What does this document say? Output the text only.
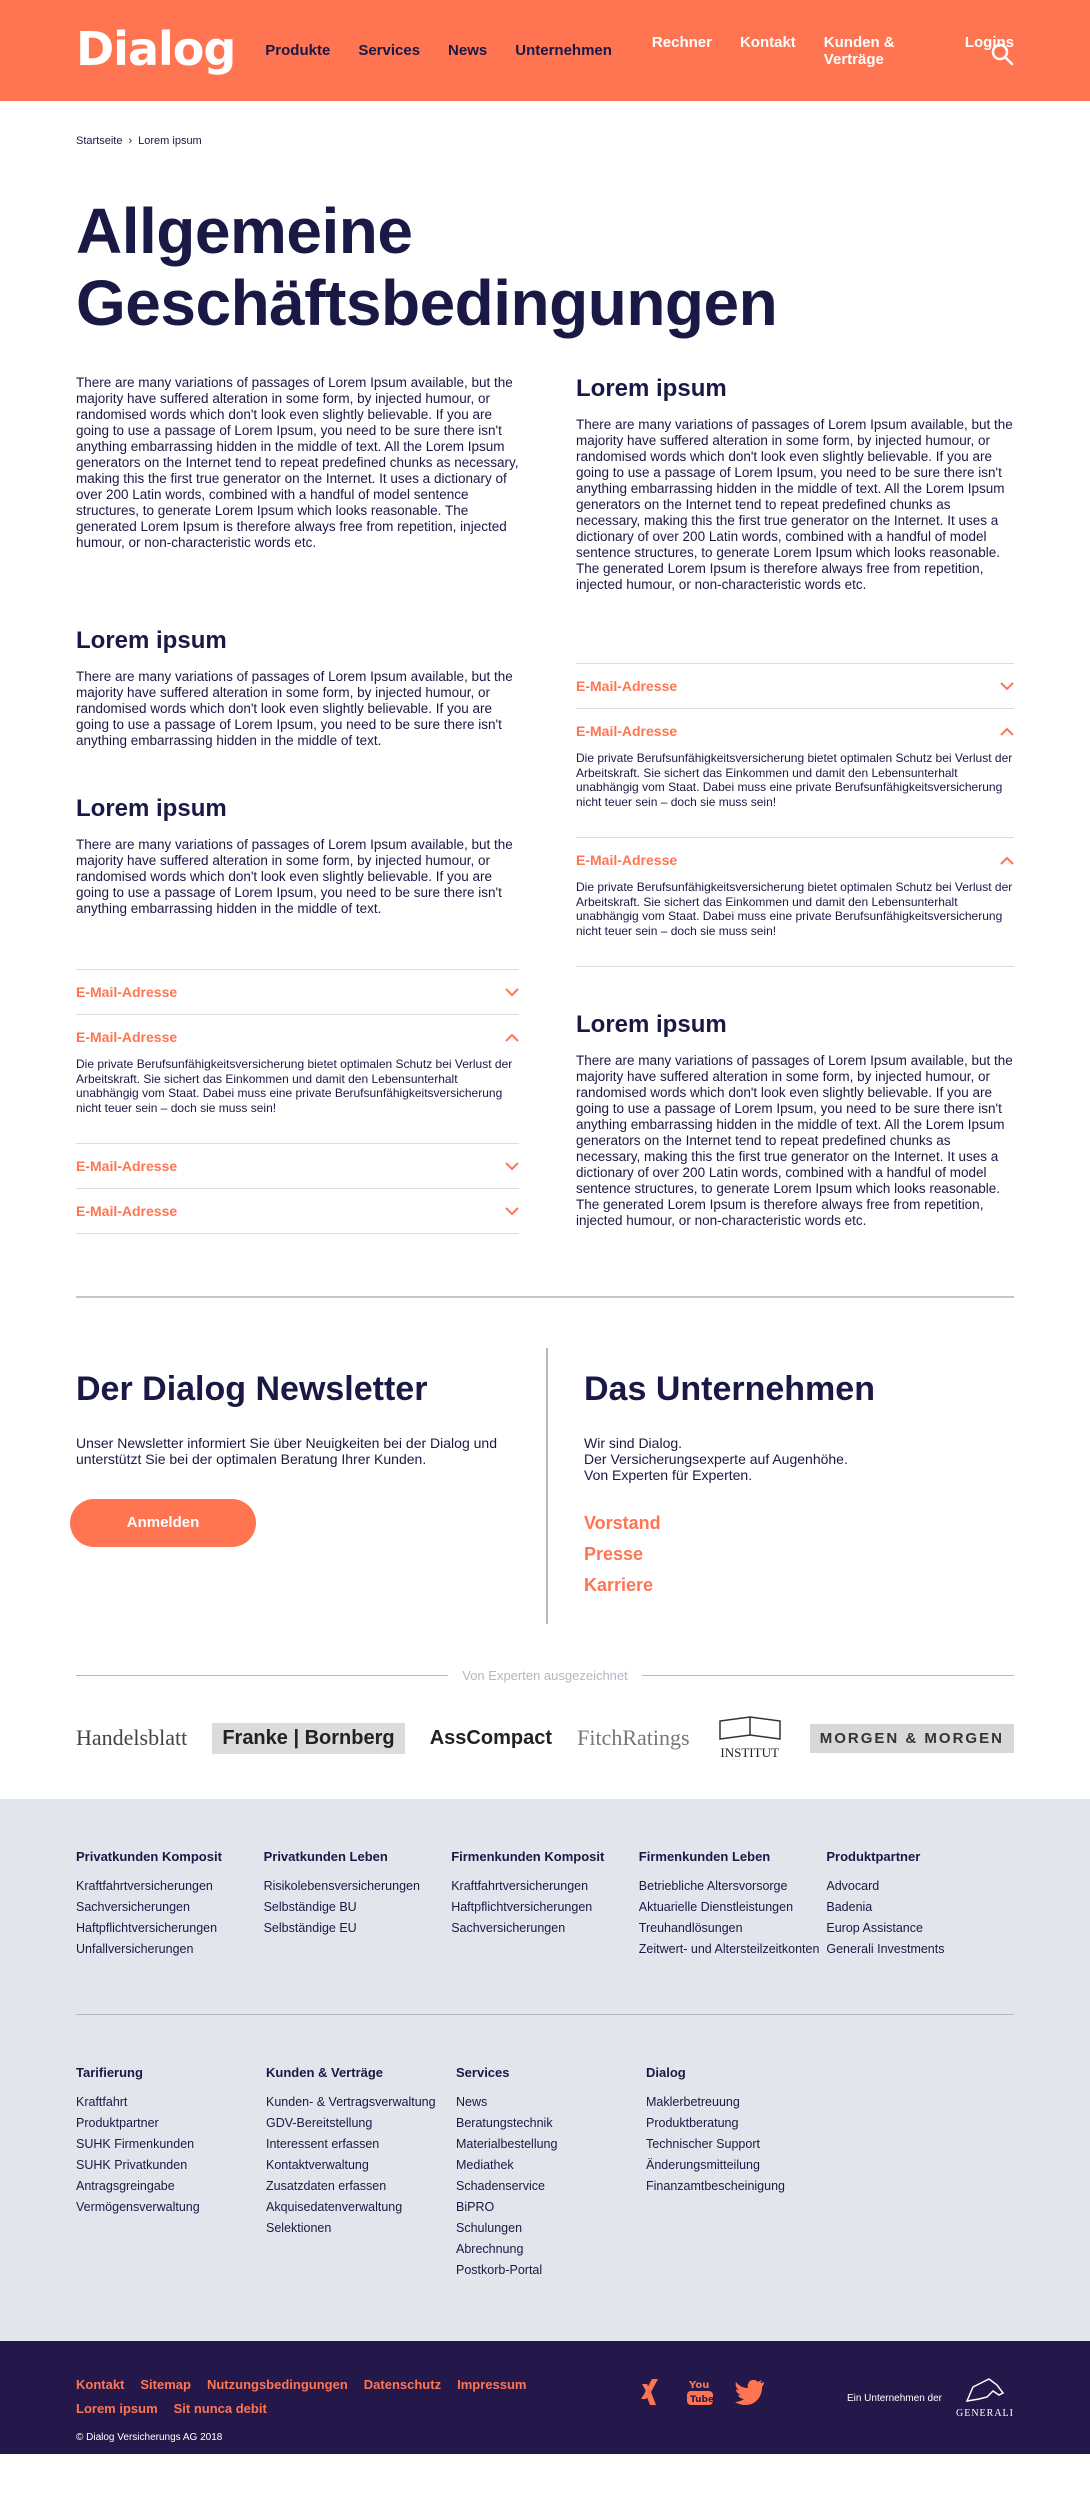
Dialog Produkte Services News Unternehmen	Rechner Kontakt Kunden & Verträge
Logins
Startseite › Lorem ipsum
Allgemeine Geschäftsbedingungen

There are many variations of passages of Lorem Ipsum available, but the majority have suffered alteration in some form, by injected humour, or randomised words which don't look even slightly believable. If you are going to use a passage of Lorem Ipsum, you need to be sure there isn't anything embarrassing hidden in the middle of text. All the Lorem Ipsum generators on the Internet tend to repeat predefined chunks as necessary, making this the first true generator on the Internet. It uses a dictionary of over 200 Latin words, combined with a handful of model sentence structures, to generate Lorem Ipsum which looks reasonable. The generated Lorem Ipsum is therefore always free from repetition, injected humour, or non-characteristic words etc.

Lorem ipsum

There are many variations of passages of Lorem Ipsum available, but the majority have suffered alteration in some form, by injected humour, or randomised words which don't look even slightly believable. If you are going to use a passage of Lorem Ipsum, you need to be sure there isn't anything embarrassing hidden in the middle of text.

Lorem ipsum

There are many variations of passages of Lorem Ipsum available, but the majority have suffered alteration in some form, by injected humour, or randomised words which don't look even slightly believable. If you are going to use a passage of Lorem Ipsum, you need to be sure there isn't anything embarrassing hidden in the middle of text.

E-Mail-Adresse
E-Mail-Adresse

Die private Berufsunfähigkeitsversicherung bietet optimalen Schutz bei Verlust der Arbeitskraft. Sie sichert das Einkommen und damit den Lebensunterhalt unabhängig vom Staat. Dabei muss eine private Berufsunfähigkeitsversicherung nicht teuer sein – doch sie muss sein!

E-Mail-Adresse
E-Mail-Adresse
Lorem ipsum

There are many variations of passages of Lorem Ipsum available, but the majority have suffered alteration in some form, by injected humour, or randomised words which don't look even slightly believable. If you are going to use a passage of Lorem Ipsum, you need to be sure there isn't anything embarrassing hidden in the middle of text. All the Lorem Ipsum generators on the Internet tend to repeat predefined chunks as necessary, making this the first true generator on the Internet. It uses a dictionary of over 200 Latin words, combined with a handful of model sentence structures, to generate Lorem Ipsum which looks reasonable. The generated Lorem Ipsum is therefore always free from repetition, injected humour, or non-characteristic words etc.

E-Mail-Adresse
E-Mail-Adresse

Die private Berufsunfähigkeitsversicherung bietet optimalen Schutz bei Verlust der Arbeitskraft. Sie sichert das Einkommen und damit den Lebensunterhalt unabhängig vom Staat. Dabei muss eine private Berufsunfähigkeitsversicherung nicht teuer sein – doch sie muss sein!

E-Mail-Adresse

Die private Berufsunfähigkeitsversicherung bietet optimalen Schutz bei Verlust der Arbeitskraft. Sie sichert das Einkommen und damit den Lebensunterhalt unabhängig vom Staat. Dabei muss eine private Berufsunfähigkeitsversicherung nicht teuer sein – doch sie muss sein!

Lorem ipsum

There are many variations of passages of Lorem Ipsum available, but the majority have suffered alteration in some form, by injected humour, or randomised words which don't look even slightly believable. If you are going to use a passage of Lorem Ipsum, you need to be sure there isn't anything embarrassing hidden in the middle of text. All the Lorem Ipsum generators on the Internet tend to repeat predefined chunks as necessary, making this the first true generator on the Internet. It uses a dictionary of over 200 Latin words, combined with a handful of model sentence structures, to generate Lorem Ipsum which looks reasonable. The generated Lorem Ipsum is therefore always free from repetition, injected humour, or non-characteristic words etc.

Der Dialog Newsletter

Unser Newsletter informiert Sie über Neuigkeiten bei der Dialog und unterstützt Sie bei der optimalen Beratung Ihrer Kunden.

Anmelden
Das Unternehmen
Wir sind Dialog.
Der Versicherungsexperte auf Augenhöhe.
Von Experten für Experten.
Vorstand
Presse
Karriere
Von Experten ausgezeichnet
Handelsblatt	Franke | Bornberg	AssCompact FitchRatings
INSTITUT
MORGEN & MORGEN
Privatkunden Komposit
Kraftfahrtversicherungen
Sachversicherungen
Haftpflichtversicherungen
Unfallversicherungen
Privatkunden Leben
Risikolebensversicherungen
Selbständige BU
Selbständige EU
Firmenkunden Komposit
Kraftfahrtversicherungen
Haftpflichtversicherungen
Sachversicherungen
Firmenkunden Leben
Betriebliche Altersvorsorge
Aktuarielle Dienstleistungen
Treuhandlösungen
Zeitwert- und Altersteilzeitkonten
Produktpartner
Advocard
Badenia
Europ Assistance
Generali Investments
Tarifierung
Kraftfahrt
Produktpartner
SUHK Firmenkunden
SUHK Privatkunden
Antragsgreingabe
Vermögensverwaltung
Kunden & Verträge
Kunden- & Vertragsverwaltung
GDV-Bereitstellung
Interessent erfassen
Kontaktverwaltung
Zusatzdaten erfassen
Akquisedatenverwaltung
Selektionen
Services
News
Beratungstechnik
Materialbestellung
Mediathek
Schadenservice
BiPRO
Schulungen
Abrechnung
Postkorb-Portal
Dialog
Maklerbetreuung
Produktberatung
Technischer Support
Änderungsmitteilung
Finanzamtbescheinigung
Kontakt Sitemap Nutzungsbedingungen Datenschutz Impressum
Lorem ipsum Sit nunca debit
© Dialog Versicherungs AG 2018
You
Tube	Ein Unternehmen der
GENERALI
